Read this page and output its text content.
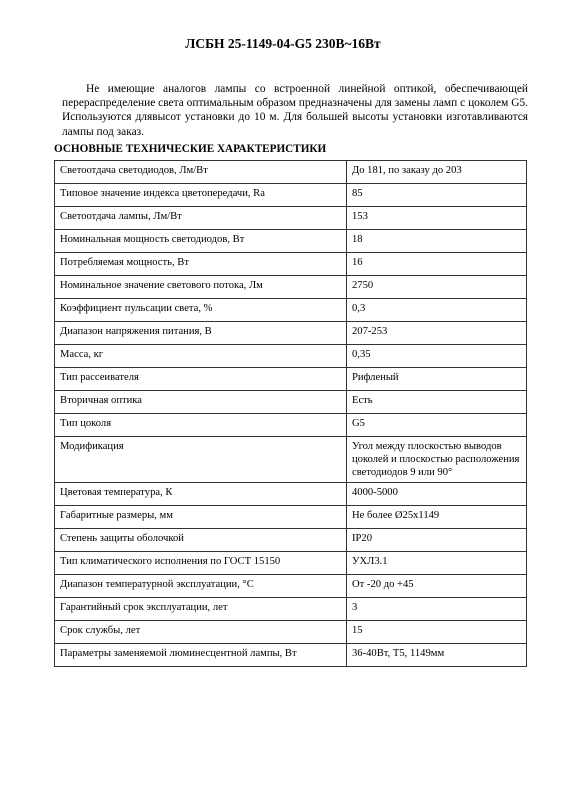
ЛСБН 25-1149-04-G5 230В~16Вт

Не имеющие аналогов лампы со встроенной линейной оптикой, обеспечивающей перераспределение света оптимальным образом предназначены для замены ламп с цоколем G5. Используются длявысот установки до 10 м. Для большей высоты установки изготавливаются лампы под заказ.

ОСНОВНЫЕ ТЕХНИЧЕСКИЕ ХАРАКТЕРИСТИКИ
Светоотдача светодиодов, Лм/Вт	До 181, по заказу до 203
Типовое значение индекса цветопередачи, Ra	85
Светоотдача лампы, Лм/Вт	153
Номинальная мощность светодиодов, Вт	18
Потребляемая мощность, Вт	16
Номинальное значение светового потока, Лм	2750
Коэффициент пульсации света, %	0,3
Диапазон напряжения питания, В	207-253
Масса, кг	0,35
Тип рассеивателя	Рифленый
Вторичная оптика	Есть
Тип цоколя	G5
Модификация	Угол между плоскостью выводов цоколей и плоскостью расположения светодиодов 9 или 90°
Цветовая температура, К	4000-5000
Габаритные размеры, мм	Не более Ø25х1149
Степень защиты оболочкой	IP20
Тип климатического исполнения по ГОСТ 15150	УХЛ3.1
Диапазон температурной эксплуатации, °С	От -20 до +45
Гарантийный срок эксплуатации, лет	3
Срок службы, лет	15
Параметры заменяемой люминесцентной лампы, Вт	36-40Вт, Т5, 1149мм
